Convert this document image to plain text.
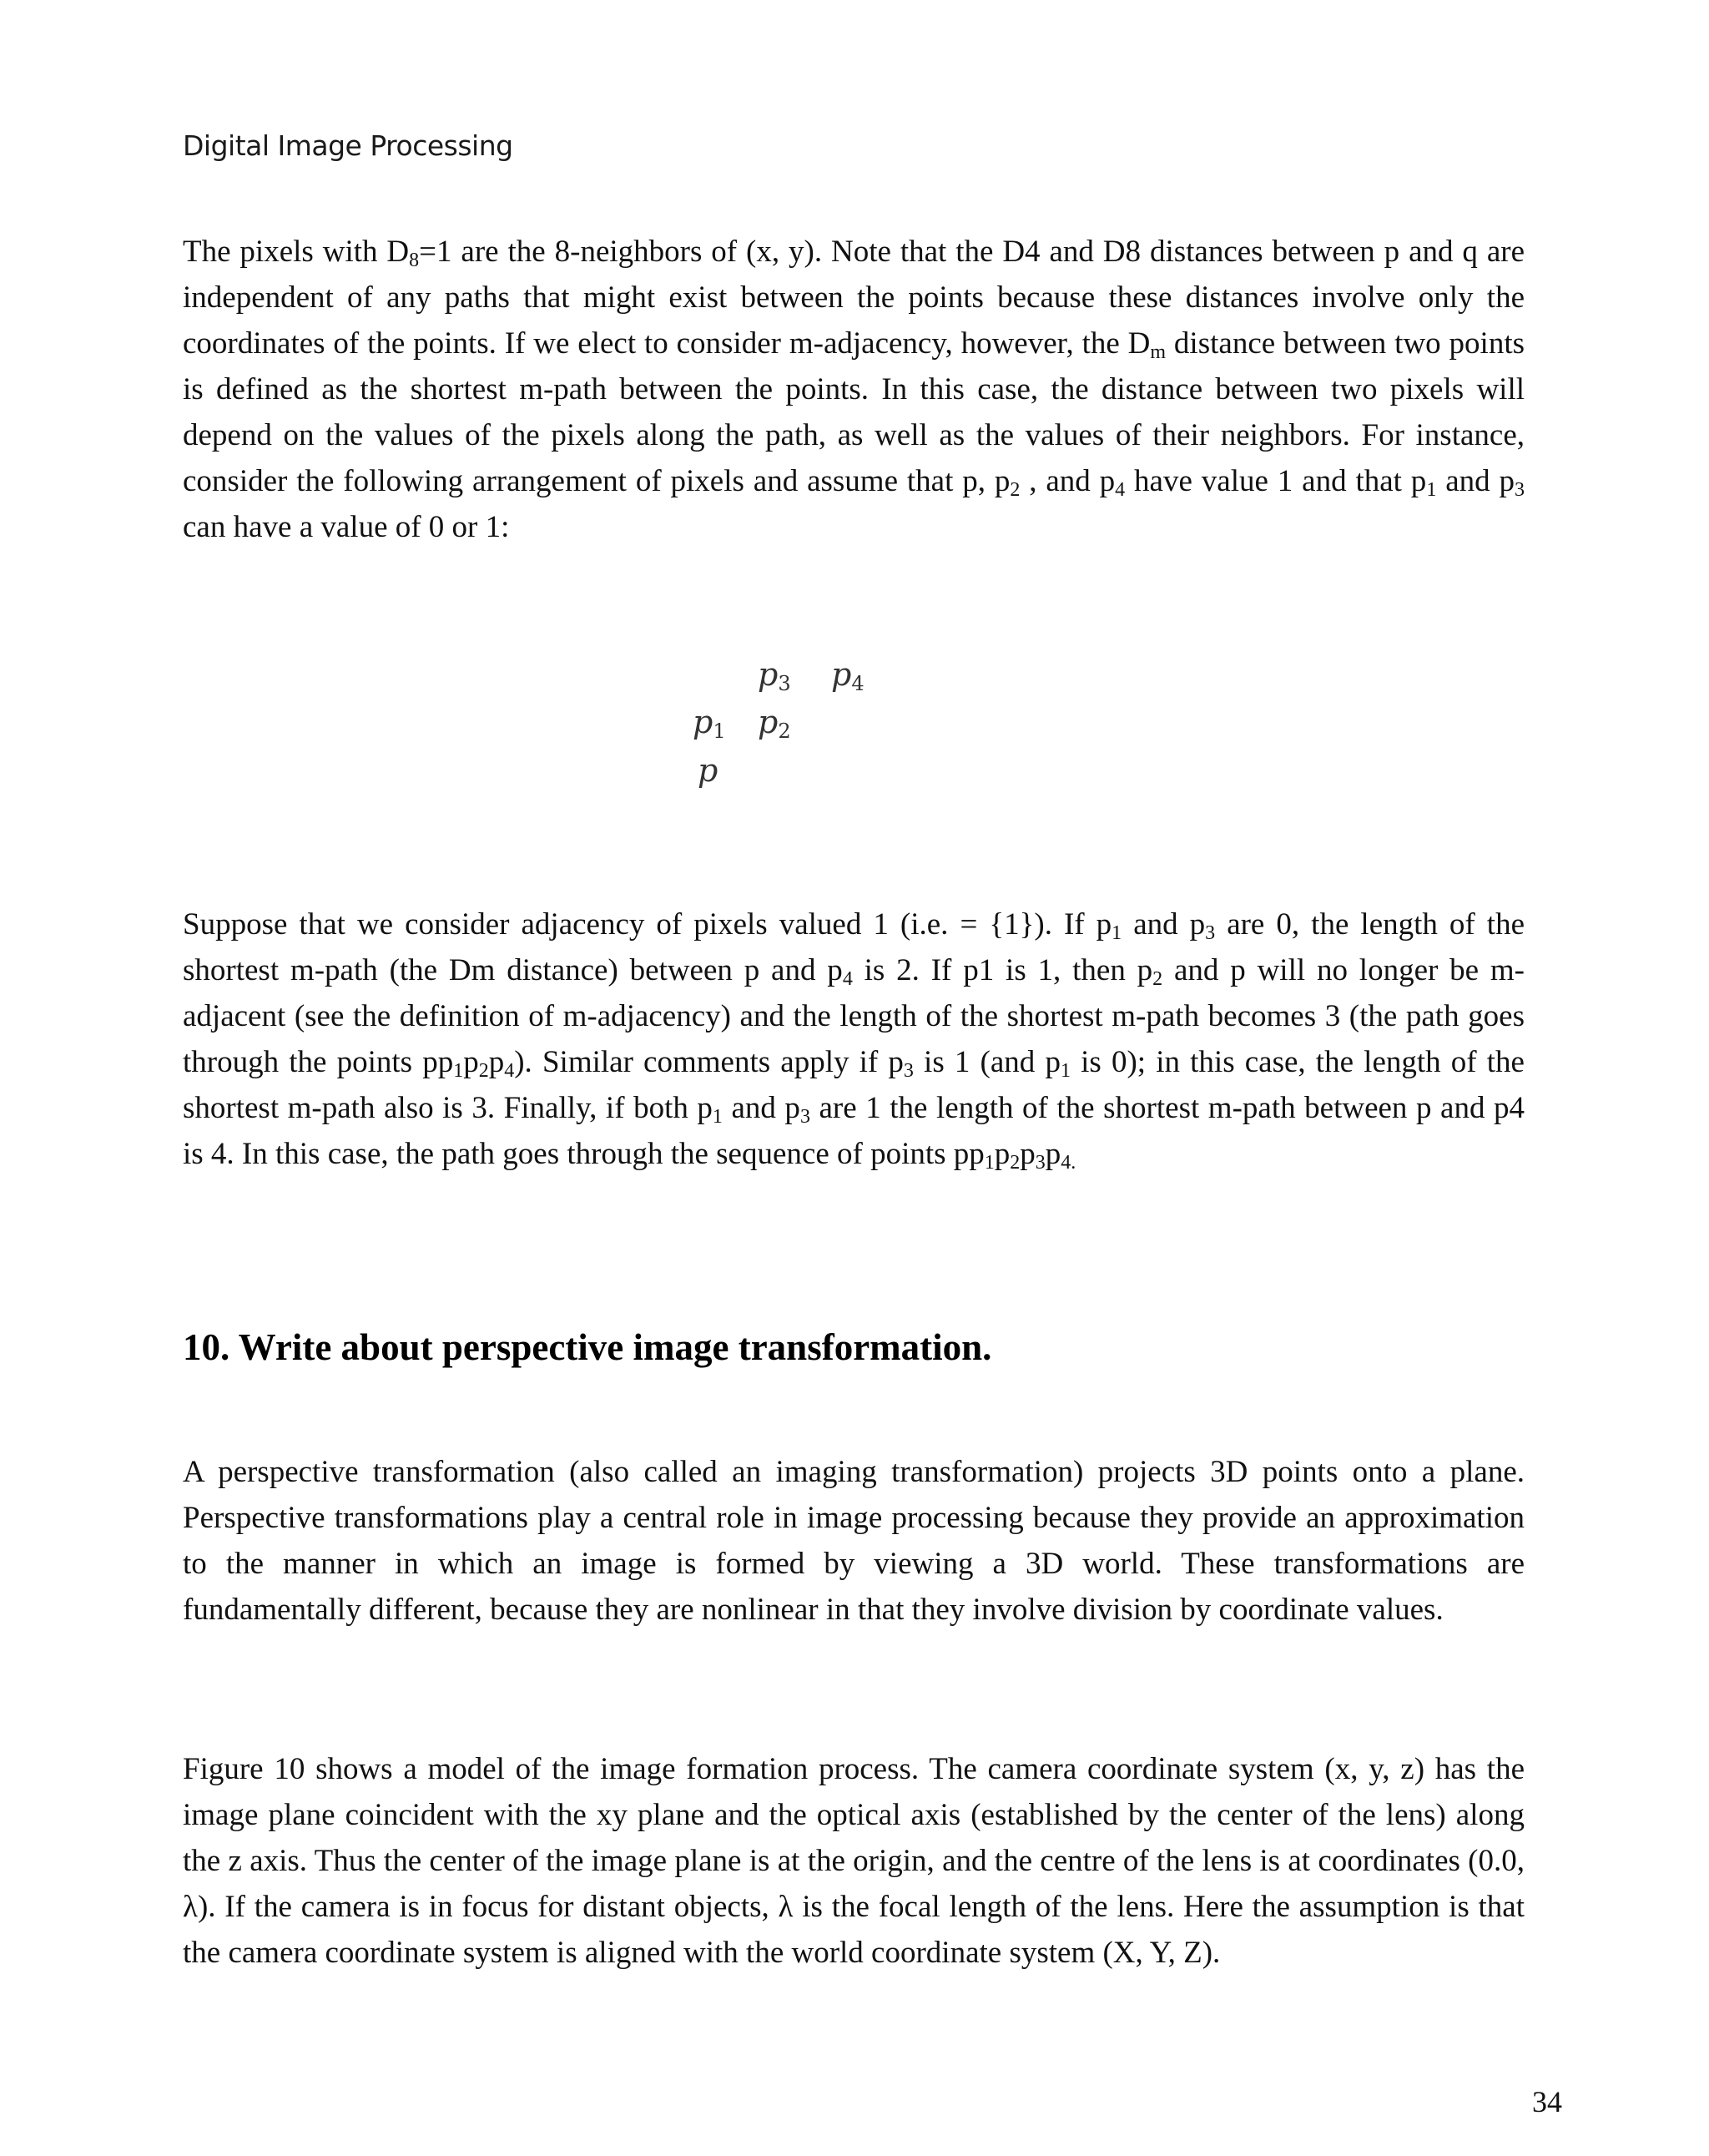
Digital Image Processing
The pixels with $D_8=1$ are the 8-neighbors of (x, y). Note that the D4 and D8 distances between p and q are independent of any paths that might exist between the points because these distances involve only the coordinates of the points. If we elect to consider m-adjacency, however, the $D_m$ distance between two points is defined as the shortest m-path between the points. In this case, the distance between two pixels will depend on the values of the pixels along the path, as well as the values of their neighbors. For instance, consider the following arrangement of pixels and assume that p, $p_2$ , and $p_4$ have value 1 and that $p_1$ and $p_3$ can have a value of 0 or 1:
$p_3$ $p_4$
$p_1$ $p_2$
p
Suppose that we consider adjacency of pixels valued 1 (i.e. = {1}). If $p_1$ and $p_3$ are 0, the length of the shortest m-path (the Dm distance) between p and $p_4$ is 2. If p1 is 1, then $p_2$ and p will no longer be m-adjacent (see the definition of m-adjacency) and the length of the shortest m-path becomes 3 (the path goes through the points $pp_1p_2p_4$). Similar comments apply if $p_3$ is 1 (and $p_1$ is 0); in this case, the length of the shortest m-path also is 3. Finally, if both $p_1$ and $p_3$ are 1 the length of the shortest m-path between p and p4 is 4. In this case, the path goes through the sequence of points $pp_1p_2p_3p_{4.}$
10. Write about perspective image transformation.
A perspective transformation (also called an imaging transformation) projects 3D points onto a plane. Perspective transformations play a central role in image processing because they provide an approximation to the manner in which an image is formed by viewing a 3D world. These transformations are fundamentally different, because they are nonlinear in that they involve division by coordinate values.
Figure 10 shows a model of the image formation process. The camera coordinate system (x, y, z) has the image plane coincident with the xy plane and the optical axis (established by the center of the lens) along the z axis. Thus the center of the image plane is at the origin, and the centre of the lens is at coordinates (0.0, λ). If the camera is in focus for distant objects, λ is the focal length of the lens. Here the assumption is that the camera coordinate system is aligned with the world coordinate system (X, Y, Z).
34
